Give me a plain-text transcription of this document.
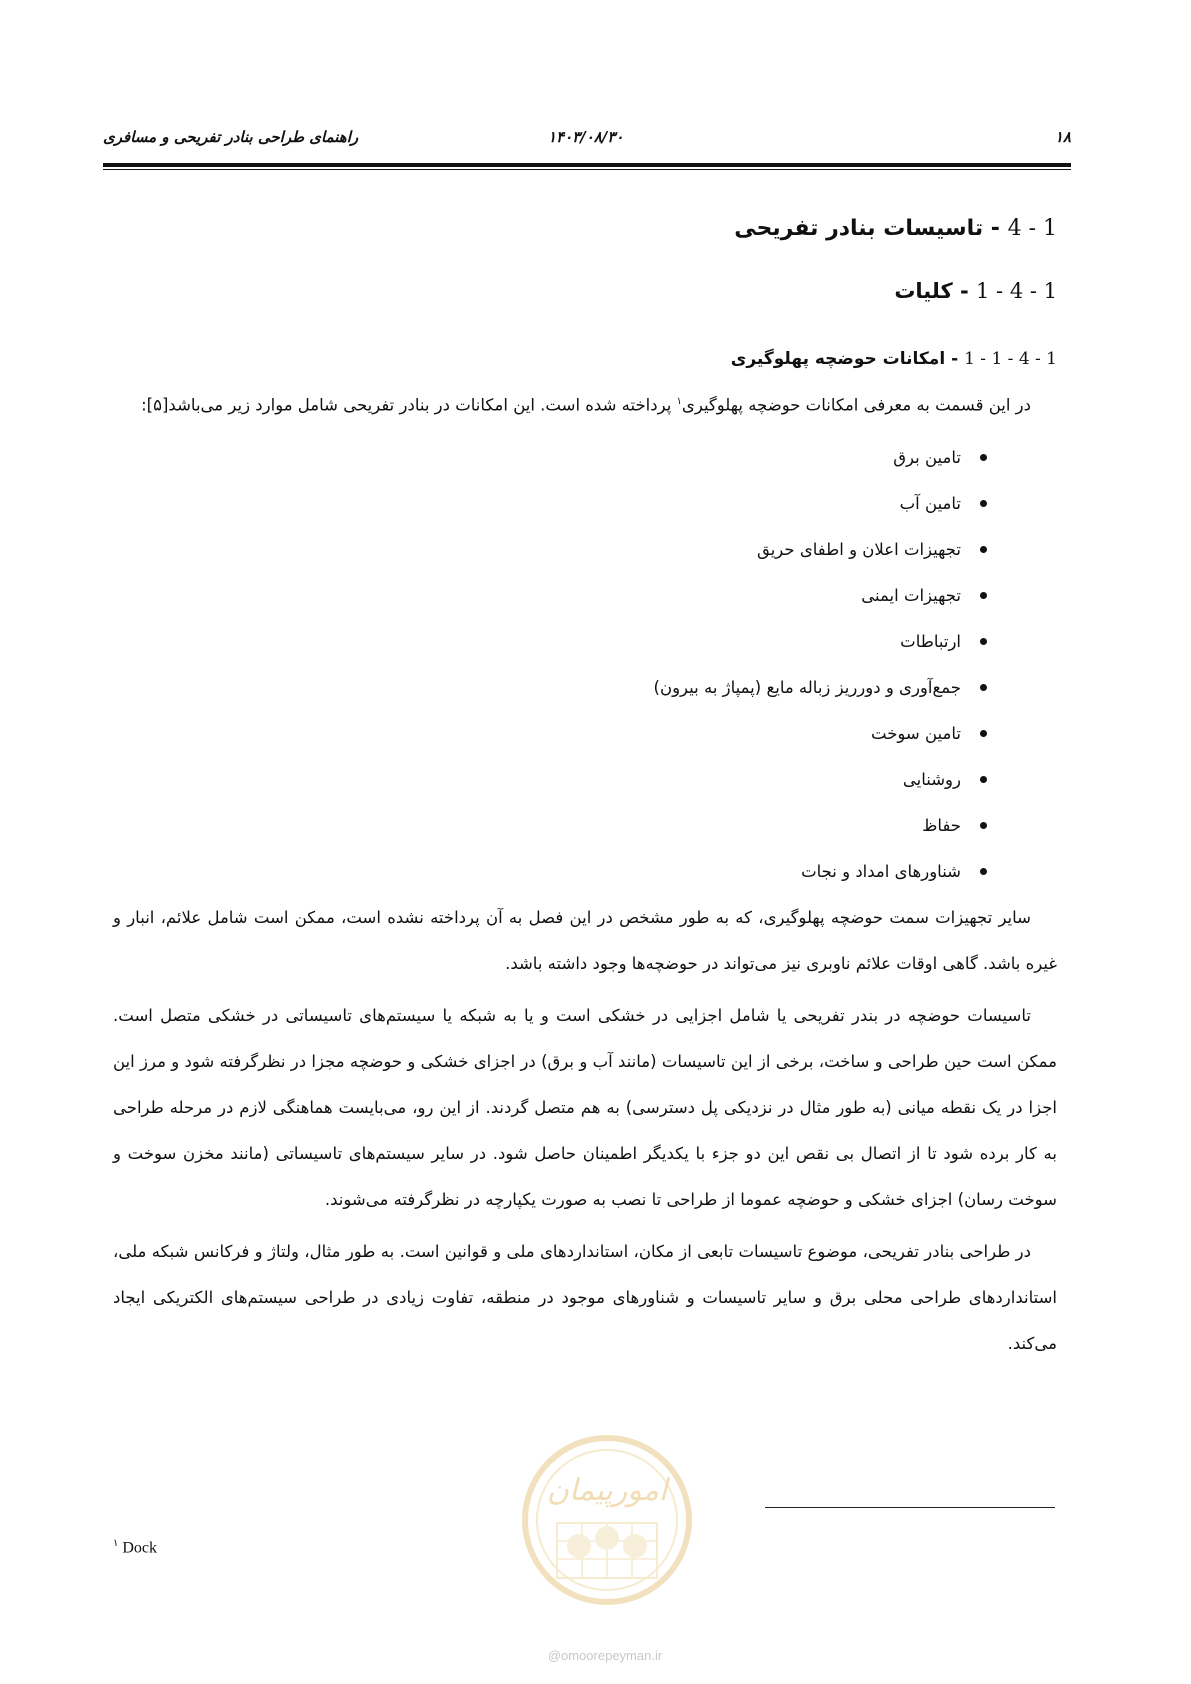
۱۸
۱۴۰۳/۰۸/۳۰
راهنمای طراحی بنادر تفریحی و مسافری
4 - 1 - تاسیسات بنادر تفریحی
1 - 4 - 1 - کلیات
1 - 1 - 4 - 1 - امکانات حوضچه پهلوگیری

در این قسمت به معرفی امکانات حوضچه پهلوگیری$^۱$ پرداخته شده است. این امکانات در بنادر تفریحی شامل موارد زیر می‌باشد[۵]:

تامین برق
تامین آب
تجهیزات اعلان و اطفای حریق
تجهیزات ایمنی
ارتباطات
جمع‌آوری و دورریز زباله مایع (پمپاژ به بیرون)
تامین سوخت
روشنایی
حفاظ
شناورهای امداد و نجات

سایر تجهیزات سمت حوضچه پهلوگیری، که به طور مشخص در این فصل به آن پرداخته نشده است، ممکن است شامل علائم، انبار و غیره باشد. گاهی اوقات علائم ناوبری نیز می‌تواند در حوضچه‌ها وجود داشته باشد.

تاسیسات حوضچه در بندر تفریحی یا شامل اجزایی در خشکی است و یا به شبکه یا سیستم‌های تاسیساتی در خشکی متصل است. ممکن است حین طراحی و ساخت، برخی از این تاسیسات (مانند آب و برق) در اجزای خشکی و حوضچه مجزا در نظرگرفته شود و مرز این اجزا در یک نقطه میانی (به طور مثال در نزدیکی پل دسترسی) به هم متصل گردند. از این رو، می‌بایست هماهنگی لازم در مرحله طراحی به کار برده شود تا از اتصال بی نقص این دو جزء با یکدیگر اطمینان حاصل شود. در سایر سیستم‌های تاسیساتی (مانند مخزن سوخت و سوخت رسان) اجزای خشکی و حوضچه عموما از طراحی تا نصب به صورت یکپارچه در نظرگرفته می‌شوند.

در طراحی بنادر تفریحی، موضوع تاسیسات تابعی از مکان، استانداردهای ملی و قوانین است. به طور مثال، ولتاژ و فرکانس شبکه ملی، استانداردهای طراحی محلی برق و سایر تاسیسات و شناورهای موجود در منطقه، تفاوت زیادی در طراحی سیستم‌های الکتریکی ایجاد می‌کند.

$^۱$ Dock
امورپیمان
@omoorepeyman.ir
